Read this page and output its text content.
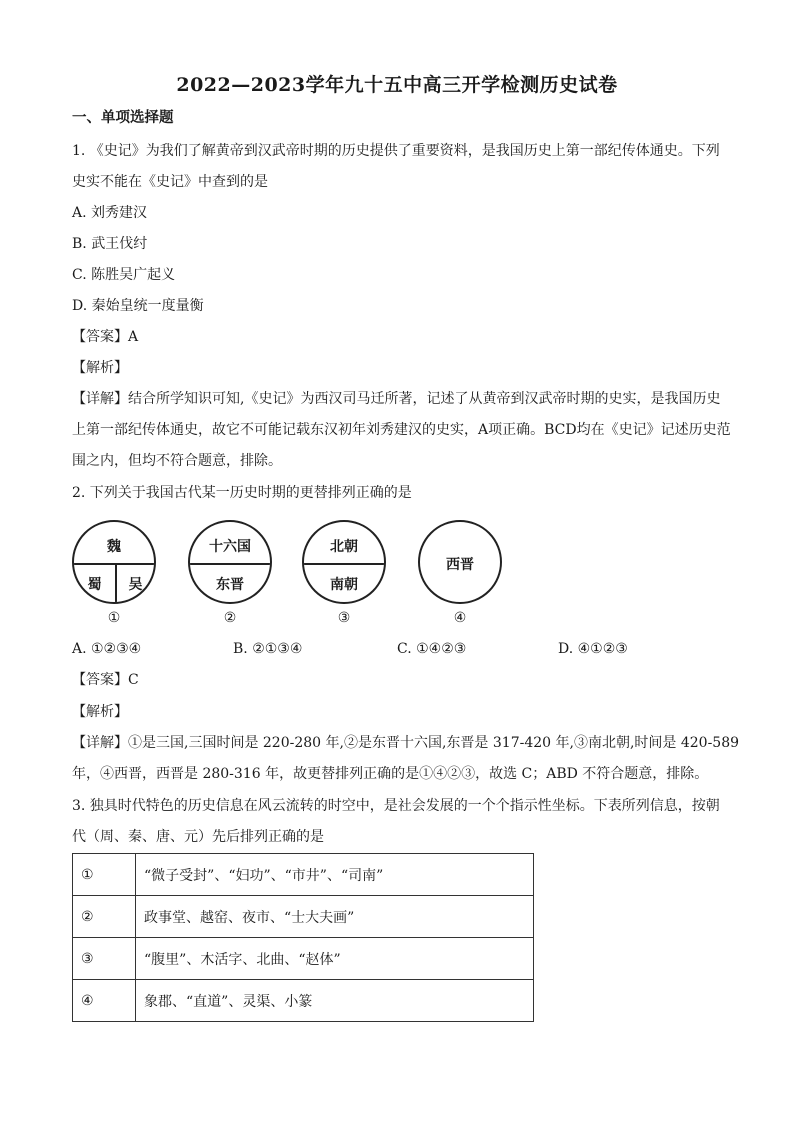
2022—2023学年九十五中高三开学检测历史试卷
一、单项选择题
1. 《史记》为我们了解黄帝到汉武帝时期的历史提供了重要资料，是我国历史上第一部纪传体通史。下列
史实不能在《史记》中查到的是
A. 刘秀建汉
B. 武王伐纣
C. 陈胜吴广起义
D. 秦始皇统一度量衡
【答案】A
【解析】
【详解】结合所学知识可知,《史记》为西汉司马迁所著，记述了从黄帝到汉武帝时期的史实，是我国历史
上第一部纪传体通史，故它不可能记载东汉初年刘秀建汉的史实，A项正确。BCD均在《史记》记述历史范
围之内，但均不符合题意，排除。
2. 下列关于我国古代某一历史时期的更替排列正确的是
魏
蜀	吴
①
十六国
东晋
②
北朝
南朝
③
西晋
④
A. ①②③④	B. ②①③④	C. ①④②③	D. ④①②③
【答案】C
【解析】
【详解】①是三国,三国时间是 220-280 年,②是东晋十六国,东晋是 317-420 年,③南北朝,时间是 420-589
年，④西晋，西晋是 280-316 年，故更替排列正确的是①④②③，故选 C；ABD 不符合题意，排除。
3. 独具时代特色的历史信息在风云流转的时空中，是社会发展的一个个指示性坐标。下表所列信息，按朝
代（周、秦、唐、元）先后排列正确的是
①	“微子受封”、“妇功”、“市井”、“司南”
②	政事堂、越窑、夜市、“士大夫画”
③	“腹里”、木活字、北曲、“赵体”
④	象郡、“直道”、灵渠、小篆
